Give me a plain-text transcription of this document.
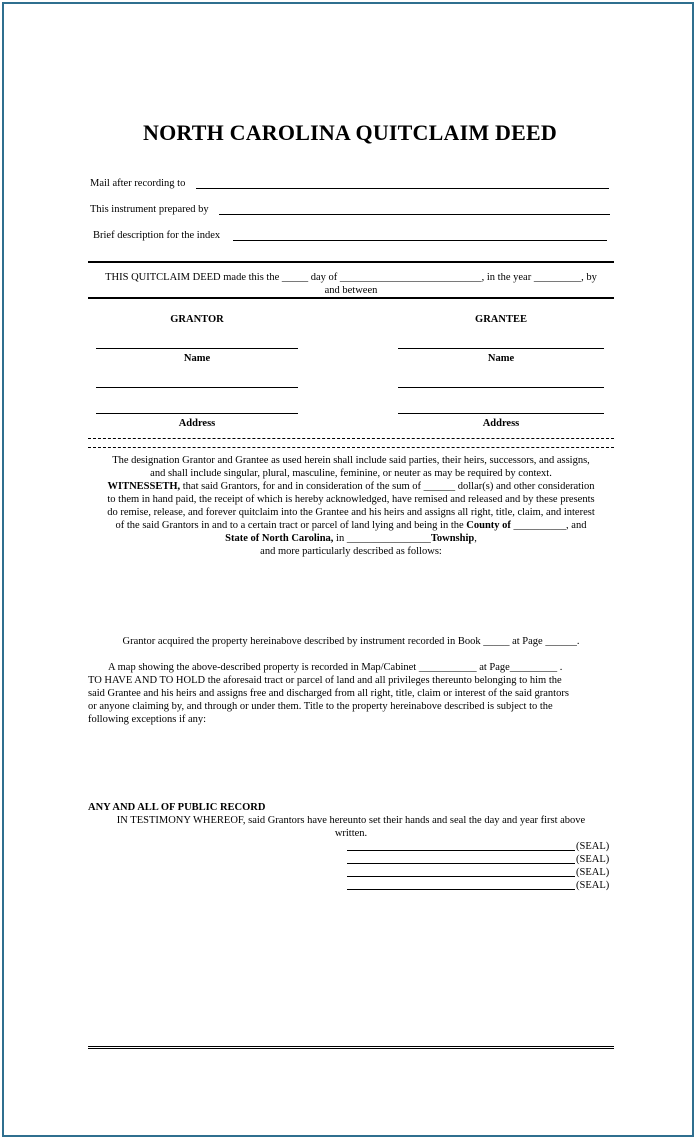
NORTH CAROLINA QUITCLAIM DEED
Mail after recording to
This instrument prepared by
Brief description for the index
THIS QUITCLAIM DEED made this the _____ day of ___________________________, in the year _________, by
and between
GRANTOR	GRANTEE
Name	Name
Address	Address
The designation Grantor and Grantee as used herein shall include said parties, their heirs, successors, and assigns,
and shall include singular, plural, masculine, feminine, or neuter as may be required by context.
WITNESSETH, that said Grantors, for and in consideration of the sum of ______ dollar(s) and other consideration
to them in hand paid, the receipt of which is hereby acknowledged, have remised and released and by these presents
do remise, release, and forever quitclaim into the Grantee and his heirs and assigns all right, title, claim, and interest
of the said Grantors in and to a certain tract or parcel of land lying and being in the County of __________, and
State of North Carolina, in ________________Township,
and more particularly described as follows:
Grantor acquired the property hereinabove described by instrument recorded in Book _____ at Page ______.
A map showing the above-described property is recorded in Map/Cabinet ___________ at Page_________ .
TO HAVE AND TO HOLD the aforesaid tract or parcel of land and all privileges thereunto belonging to him the
said Grantee and his heirs and assigns free and discharged from all right, title, claim or interest of the said grantors
or anyone claiming by, and through or under them. Title to the property hereinabove described is subject to the
following exceptions if any:
ANY AND ALL OF PUBLIC RECORD
IN TESTIMONY WHEREOF, said Grantors have hereunto set their hands and seal the day and year first above
written.
(SEAL)
(SEAL)
(SEAL)
(SEAL)
